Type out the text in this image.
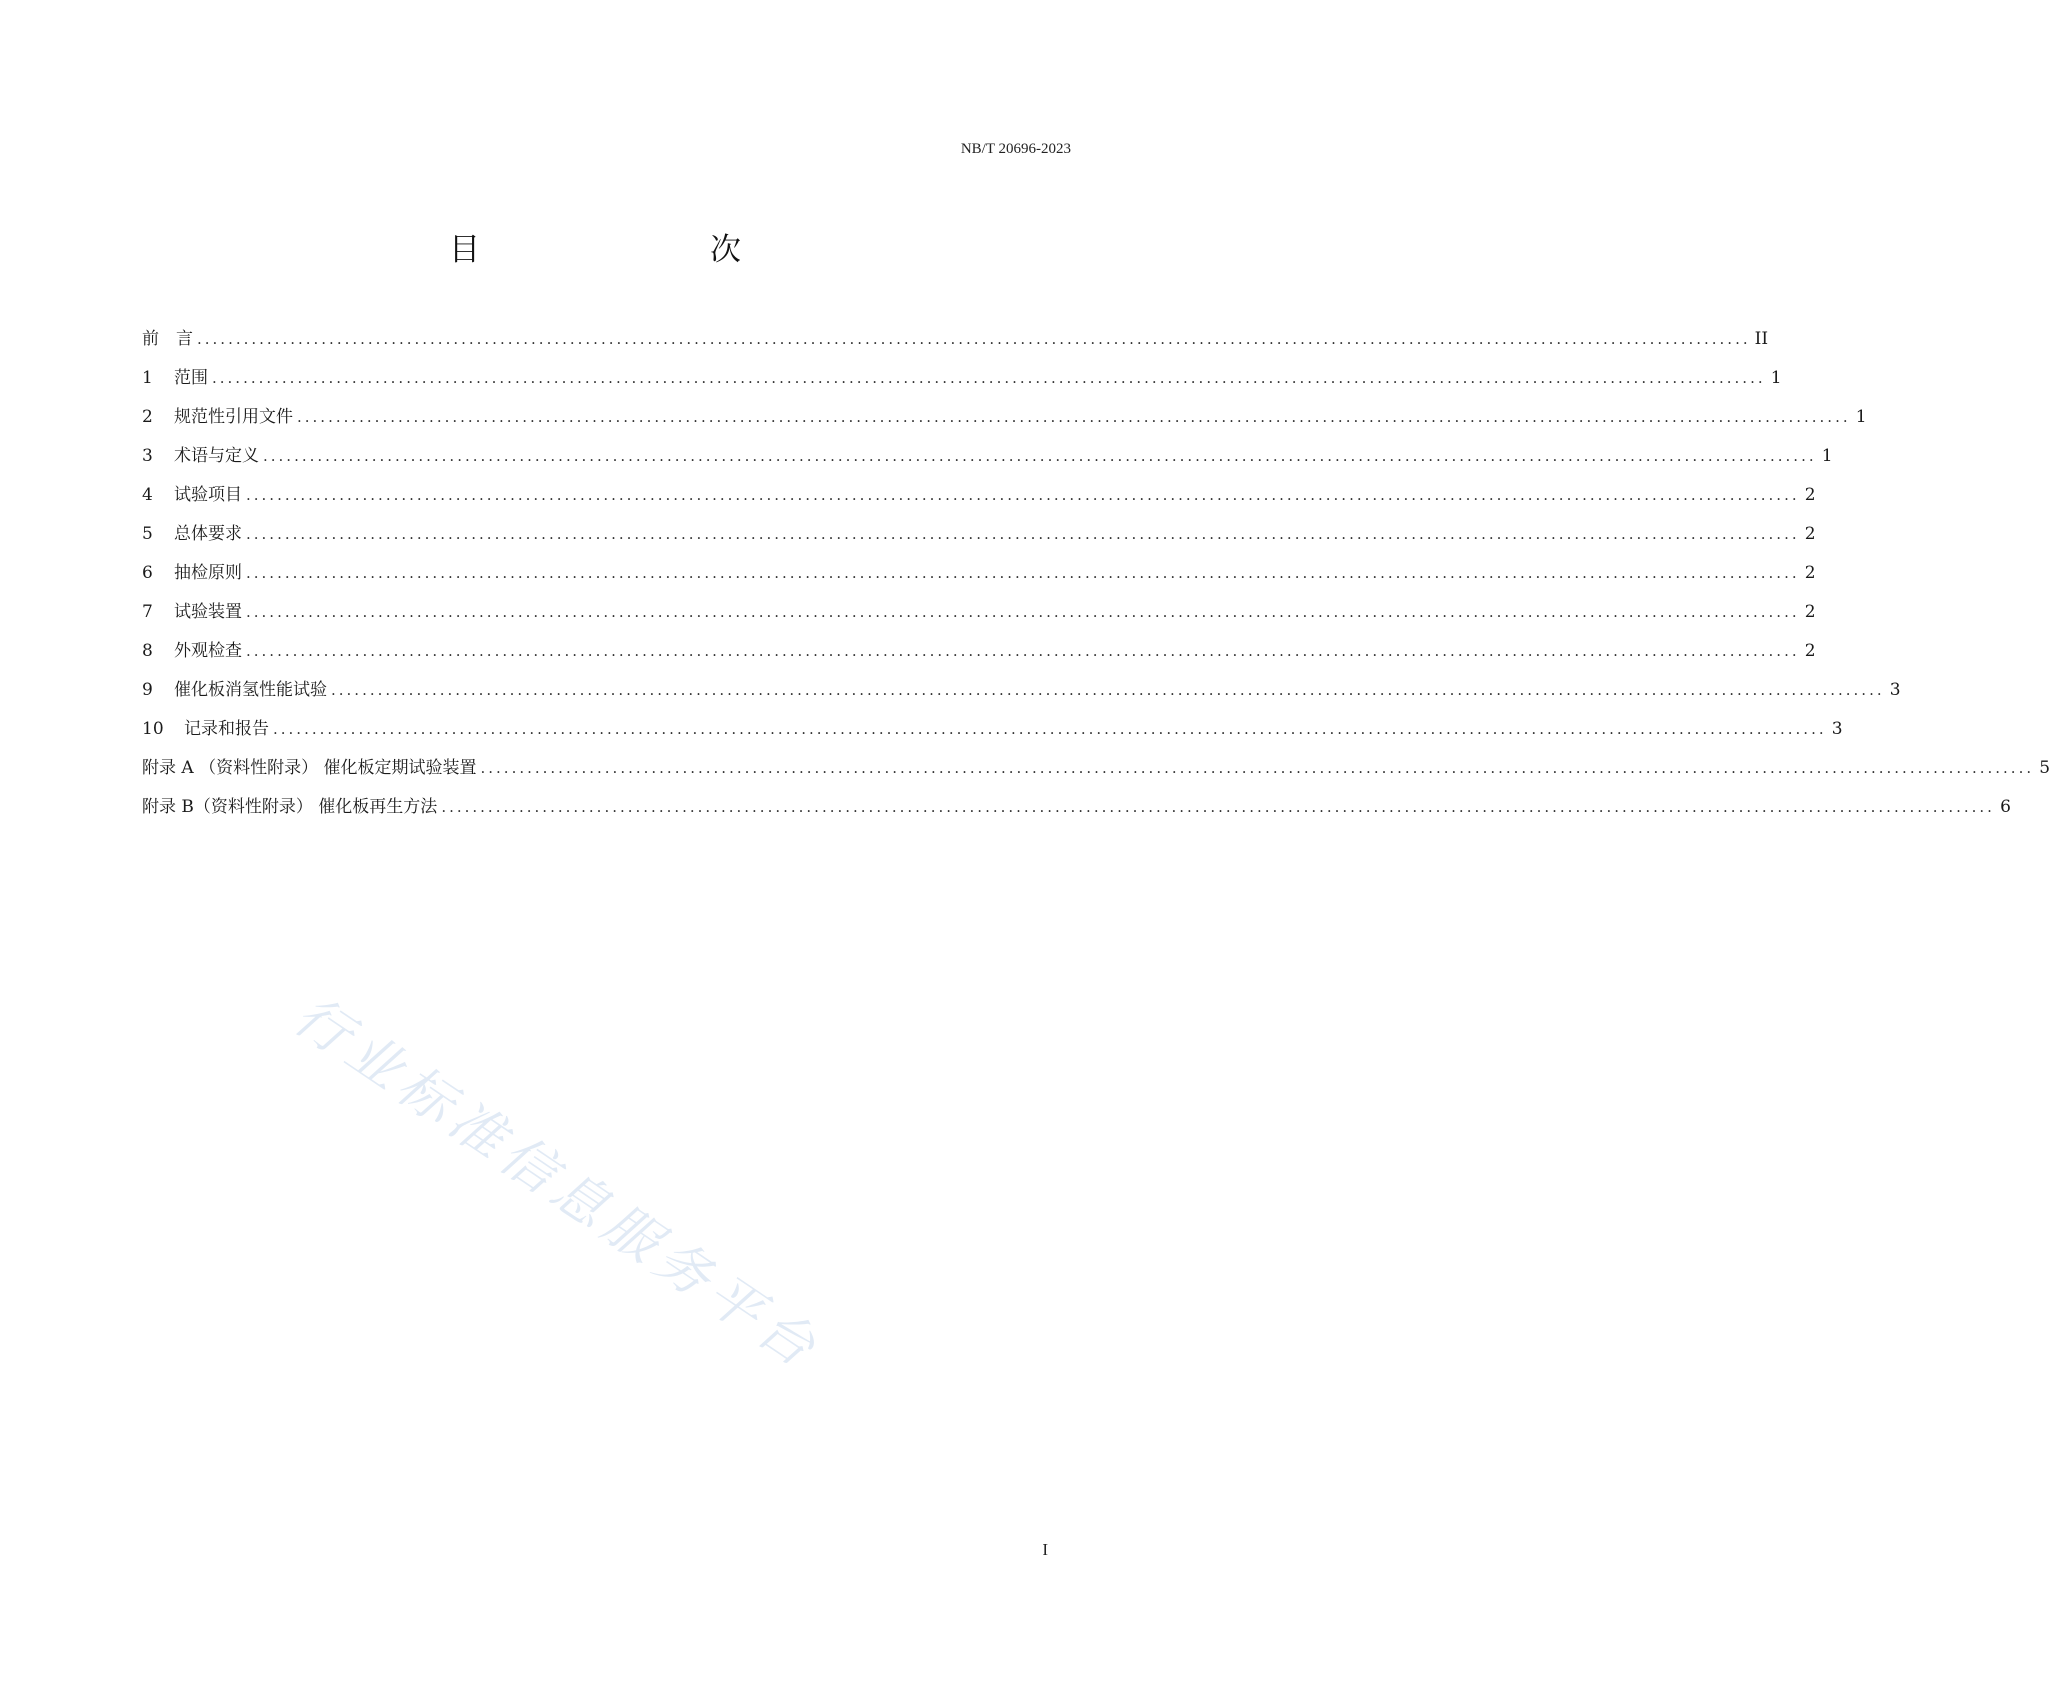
NB/T 20696-2023
目　　次
前　言 ........................................................................................................................................................................................................ II
1	范围 ........................................................................................................................................................................................................ 1
2	规范性引用文件 ........................................................................................................................................................................................................ 1
3	术语与定义 ........................................................................................................................................................................................................ 1
4	试验项目 ........................................................................................................................................................................................................ 2
5	总体要求 ........................................................................................................................................................................................................ 2
6	抽检原则 ........................................................................................................................................................................................................ 2
7	试验装置 ........................................................................................................................................................................................................ 2
8	外观检查 ........................................................................................................................................................................................................ 2
9	催化板消氢性能试验 ........................................................................................................................................................................................................ 3
10	记录和报告 ........................................................................................................................................................................................................ 3
附录 A （资料性附录） 催化板定期试验装置 ........................................................................................................................................................................................................ 5
附录 B（资料性附录） 催化板再生方法 ........................................................................................................................................................................................................ 6
行业标准信息服务平台
I
